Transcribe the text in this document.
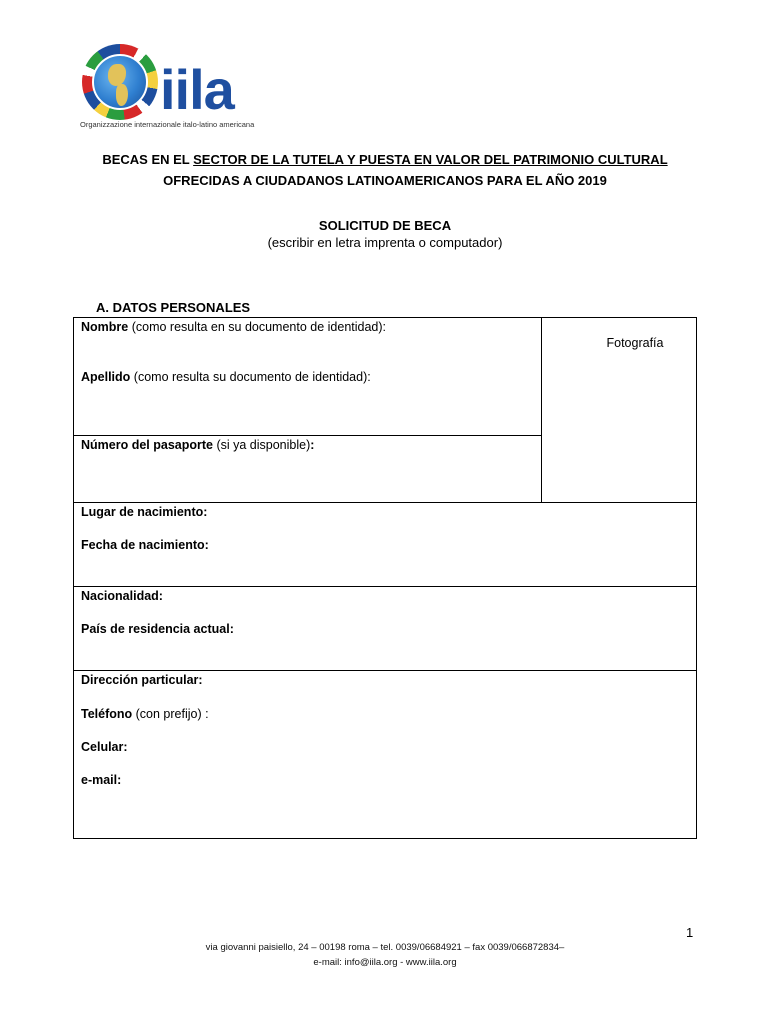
iila
Organizzazione internazionale italo-latino americana
BECAS EN EL SECTOR DE LA TUTELA Y PUESTA EN VALOR DEL PATRIMONIO CULTURAL
OFRECIDAS A CIUDADANOS LATINOAMERICANOS PARA EL AÑO 2019
SOLICITUD DE BECA
(escribir en letra imprenta o computador)
A. DATOS PERSONALES
Fotografía
Nombre (como resulta en su documento de identidad):
Apellido (como resulta su documento de identidad):
Número del pasaporte (si ya disponible):
Lugar de nacimiento:
Fecha de nacimiento:
Nacionalidad:
País de residencia actual:
Dirección particular:
Teléfono (con prefijo) :
Celular:
e-mail:
1
via giovanni paisiello, 24 – 00198 roma – tel. 0039/06684921 – fax 0039/066872834–
e-mail: info@iila.org - www.iila.org
